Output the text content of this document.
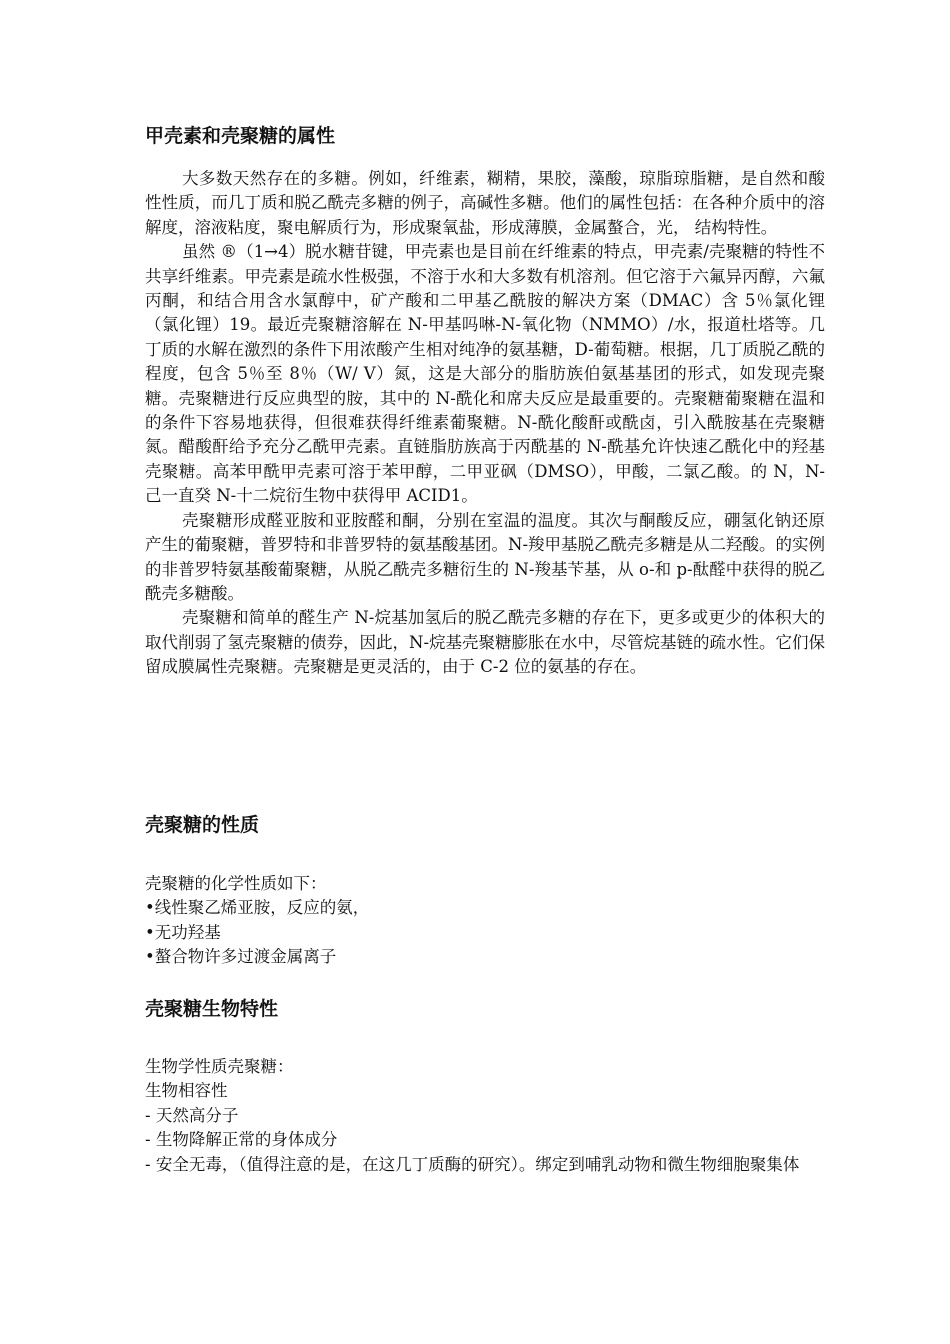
甲壳素和壳聚糖的属性

大多数天然存在的多糖。例如，纤维素，糊精，果胶，藻酸，琼脂琼脂糖，是自然和酸性性质，而几丁质和脱乙酰壳多糖的例子，高碱性多糖。他们的属性包括：在各种介质中的溶解度，溶液粘度，聚电解质行为，形成聚氧盐，形成薄膜，金属螯合，光， 结构特性。

虽然 ®（1→4）脱水糖苷键，甲壳素也是目前在纤维素的特点，甲壳素/壳聚糖的特性不共享纤维素。甲壳素是疏水性极强，不溶于水和大多数有机溶剂。但它溶于六氟异丙醇，六氟丙酮，和结合用含水氯醇中，矿产酸和二甲基乙酰胺的解决方案（DMAC）含 5％氯化锂（氯化锂）19。最近壳聚糖溶解在 N-甲基吗啉-N-氧化物（NMMO）/水，报道杜塔等。几丁质的水解在激烈的条件下用浓酸产生相对纯净的氨基糖，D-葡萄糖。根据，几丁质脱乙酰的程度，包含 5％至 8％（W/ V）氮，这是大部分的脂肪族伯氨基基团的形式，如发现壳聚糖。壳聚糖进行反应典型的胺，其中的 N-酰化和席夫反应是最重要的。壳聚糖葡聚糖在温和的条件下容易地获得，但很难获得纤维素葡聚糖。N-酰化酸酐或酰卤，引入酰胺基在壳聚糖氮。醋酸酐给予充分乙酰甲壳素。直链脂肪族高于丙酰基的 N-酰基允许快速乙酰化中的羟基壳聚糖。高苯甲酰甲壳素可溶于苯甲醇，二甲亚砜（DMSO），甲酸，二氯乙酸。的 N，N-己一直癸 N-十二烷衍生物中获得甲 ACID1。

壳聚糖形成醛亚胺和亚胺醛和酮，分别在室温的温度。其次与酮酸反应，硼氢化钠还原产生的葡聚糖，普罗特和非普罗特的氨基酸基团。N-羧甲基脱乙酰壳多糖是从二羟酸。的实例的非普罗特氨基酸葡聚糖，从脱乙酰壳多糖衍生的 N-羧基苄基，从 o-和 p-酞醛中获得的脱乙酰壳多糖酸。

壳聚糖和简单的醛生产 N-烷基加氢后的脱乙酰壳多糖的存在下，更多或更少的体积大的取代削弱了氢壳聚糖的债券，因此，N-烷基壳聚糖膨胀在水中，尽管烷基链的疏水性。它们保留成膜属性壳聚糖。壳聚糖是更灵活的，由于 C-2 位的氨基的存在。

壳聚糖的性质

壳聚糖的化学性质如下：

•线性聚乙烯亚胺，反应的氨，

•无功羟基

•螯合物许多过渡金属离子

壳聚糖生物特性

生物学性质壳聚糖：

生物相容性

- 天然高分子

- 生物降解正常的身体成分

- 安全无毒，（值得注意的是，在这几丁质酶的研究）。绑定到哺乳动物和微生物细胞聚集体
